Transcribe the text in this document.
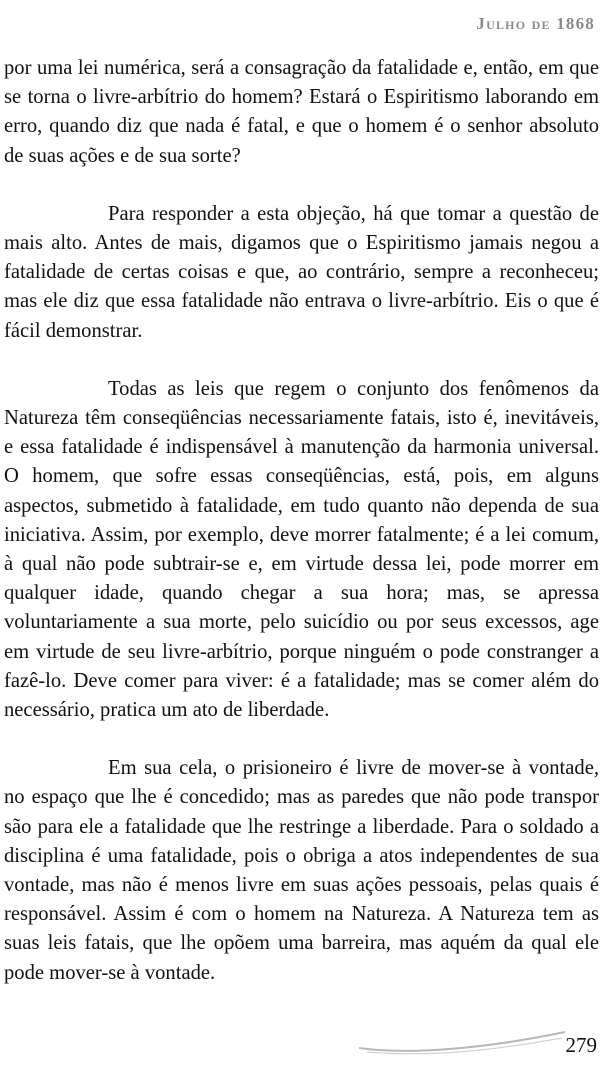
Julho de 1868

por uma lei numérica, será a consagração da fatalidade e, então, em que se torna o livre-arbítrio do homem? Estará o Espiritismo laborando em erro, quando diz que nada é fatal, e que o homem é o senhor absoluto de suas ações e de sua sorte?

Para responder a esta objeção, há que tomar a questão de mais alto. Antes de mais, digamos que o Espiritismo jamais negou a fatalidade de certas coisas e que, ao contrário, sempre a reconheceu; mas ele diz que essa fatalidade não entrava o livre-arbítrio. Eis o que é fácil demonstrar.

Todas as leis que regem o conjunto dos fenômenos da Natureza têm conseqüências necessariamente fatais, isto é, inevitáveis, e essa fatalidade é indispensável à manutenção da harmonia universal. O homem, que sofre essas conseqüências, está, pois, em alguns aspectos, submetido à fatalidade, em tudo quanto não dependa de sua iniciativa. Assim, por exemplo, deve morrer fatalmente; é a lei comum, à qual não pode subtrair-se e, em virtude dessa lei, pode morrer em qualquer idade, quando chegar a sua hora; mas, se apressa voluntariamente a sua morte, pelo suicídio ou por seus excessos, age em virtude de seu livre-arbítrio, porque ninguém o pode constranger a fazê-lo. Deve comer para viver: é a fatalidade; mas se comer além do necessário, pratica um ato de liberdade.

Em sua cela, o prisioneiro é livre de mover-se à vontade, no espaço que lhe é concedido; mas as paredes que não pode transpor são para ele a fatalidade que lhe restringe a liberdade. Para o soldado a disciplina é uma fatalidade, pois o obriga a atos independentes de sua vontade, mas não é menos livre em suas ações pessoais, pelas quais é responsável. Assim é com o homem na Natureza. A Natureza tem as suas leis fatais, que lhe opõem uma barreira, mas aquém da qual ele pode mover-se à vontade.

279
